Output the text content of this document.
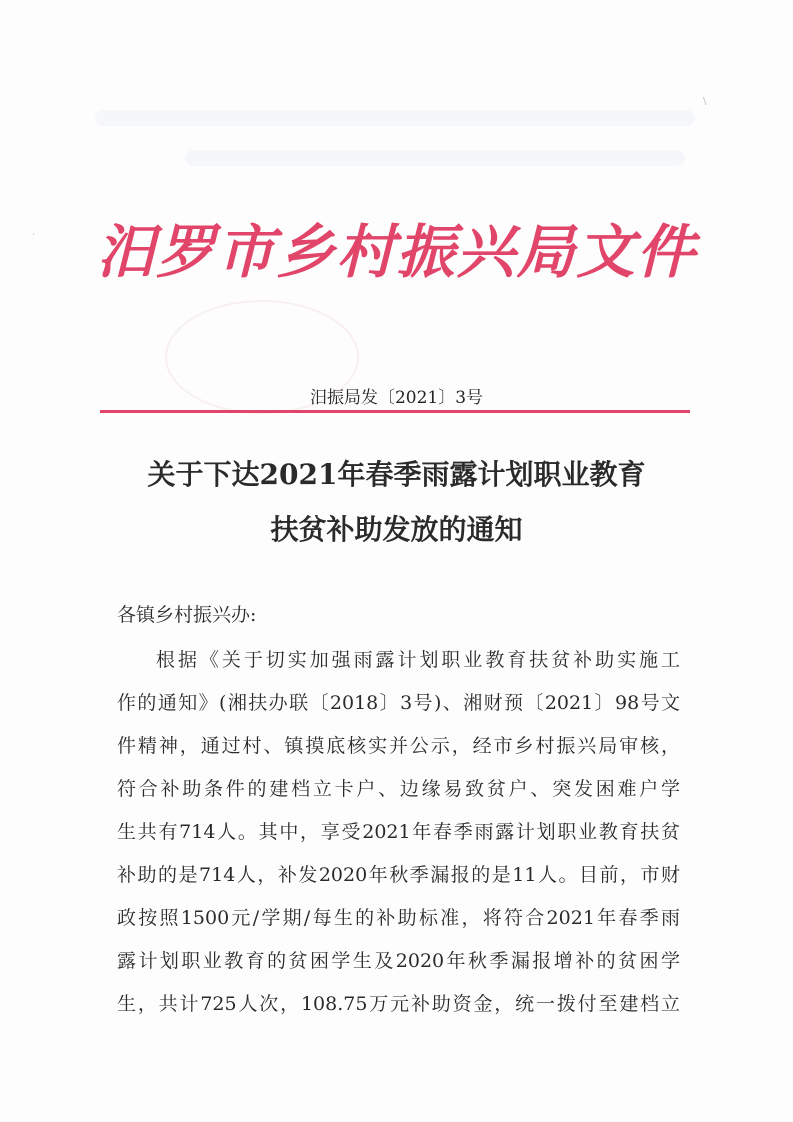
·
\
汨罗市乡村振兴局文件
汨振局发〔2021〕3号
关于下达2021年春季雨露计划职业教育
扶贫补助发放的通知
各镇乡村振兴办:
根据《关于切实加强雨露计划职业教育扶贫补助实施工
作的通知》(湘扶办联〔2018〕3号)、湘财预〔2021〕98号文
件精神，通过村、镇摸底核实并公示，经市乡村振兴局审核，
符合补助条件的建档立卡户、边缘易致贫户、突发困难户学
生共有714人。其中，享受2021年春季雨露计划职业教育扶贫
补助的是714人，补发2020年秋季漏报的是11人。目前，市财
政按照1500元/学期/每生的补助标准，将符合2021年春季雨
露计划职业教育的贫困学生及2020年秋季漏报增补的贫困学
生，共计725人次，108.75万元补助资金，统一拨付至建档立
